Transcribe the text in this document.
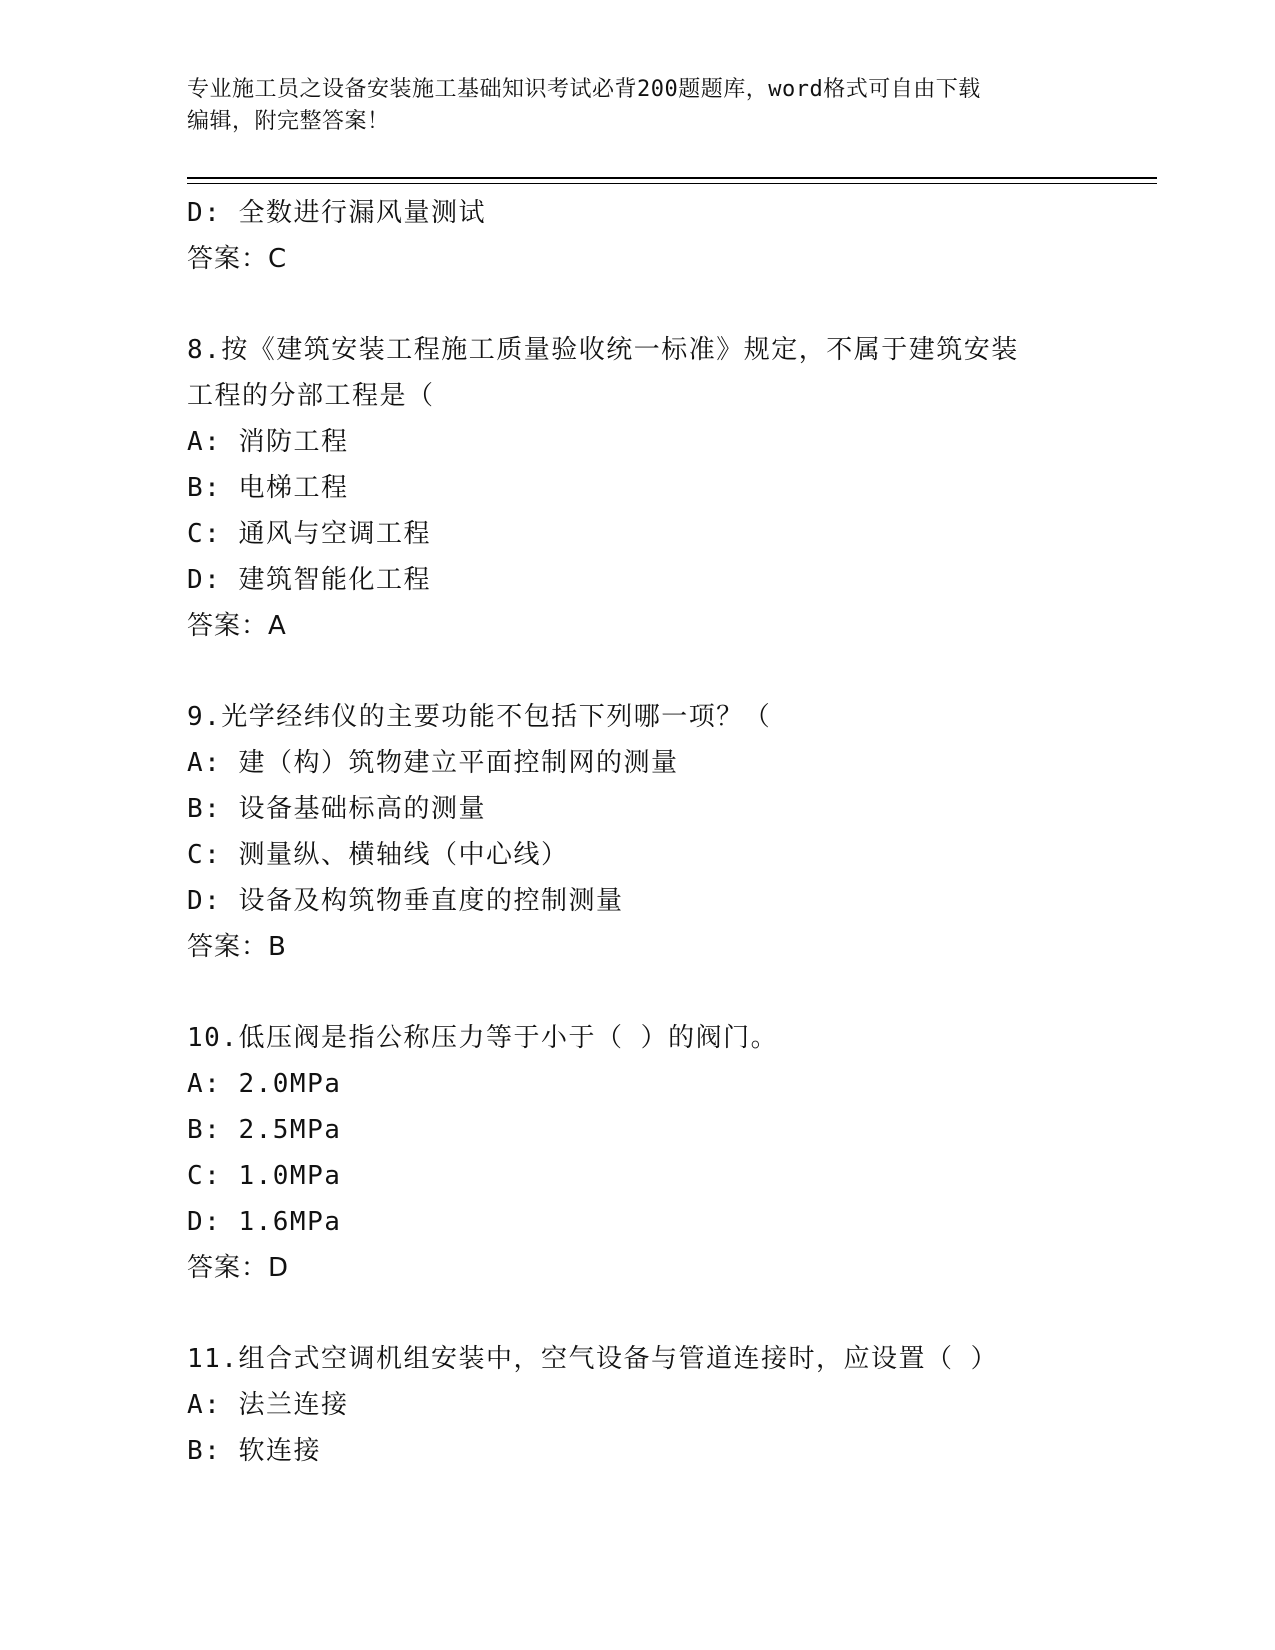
专业施工员之设备安装施工基础知识考试必背200题题库，word格式可自由下载
编辑，附完整答案！
D: 全数进行漏风量测试
答案：C
8.按《建筑安装工程施工质量验收统一标准》规定，不属于建筑安装
工程的分部工程是（
A: 消防工程
B: 电梯工程
C: 通风与空调工程
D: 建筑智能化工程
答案：A
9.光学经纬仪的主要功能不包括下列哪一项？（
A: 建（构）筑物建立平面控制网的测量
B: 设备基础标高的测量
C: 测量纵、横轴线（中心线）
D: 设备及构筑物垂直度的控制测量
答案：B
10.低压阀是指公称压力等于小于（ ）的阀门。
A: 2.0MPa
B: 2.5MPa
C: 1.0MPa
D: 1.6MPa
答案：D
11.组合式空调机组安装中，空气设备与管道连接时，应设置（ ）
A: 法兰连接
B: 软连接
